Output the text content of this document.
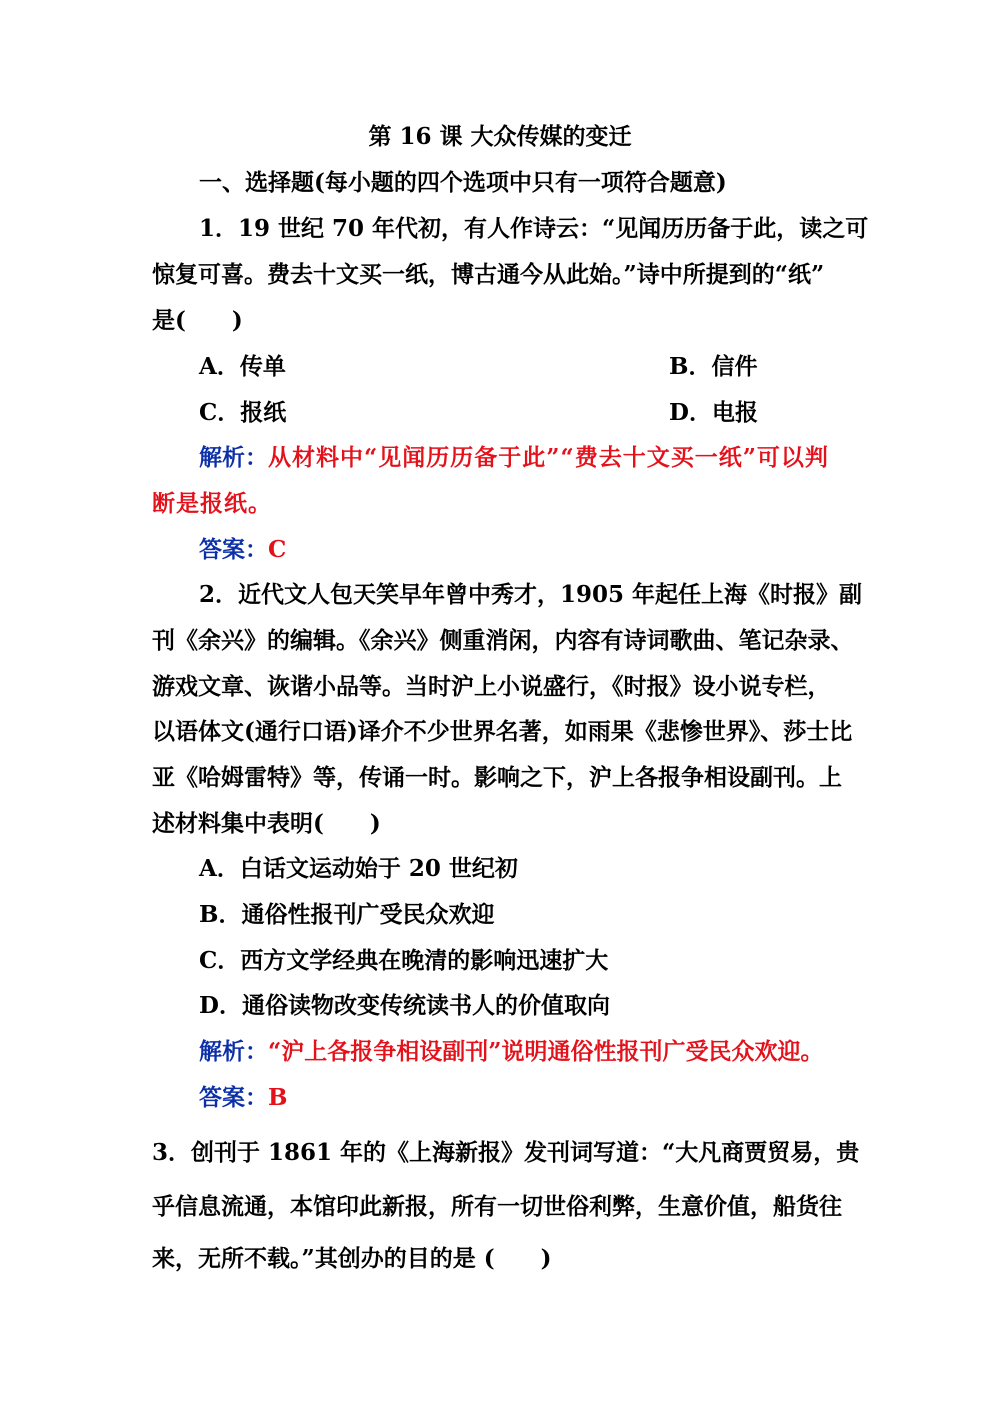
第 16 课 大众传媒的变迁
一、选择题(每小题的四个选项中只有一项符合题意)
1．19 世纪 70 年代初，有人作诗云：“见闻历历备于此，读之可
惊复可喜。费去十文买一纸，博古通今从此始。”诗中所提到的“纸”
是(　　)
A．传单	B．信件
C．报纸	D．电报
解析：从材料中“见闻历历备于此”“费去十文买一纸”可以判
断是报纸。
答案：C
2．近代文人包天笑早年曾中秀才，1905 年起任上海《时报》副
刊《余兴》的编辑。《余兴》侧重消闲，内容有诗词歌曲、笔记杂录、
游戏文章、诙谐小品等。当时沪上小说盛行，《时报》设小说专栏，
以语体文(通行口语)译介不少世界名著，如雨果《悲惨世界》、莎士比
亚《哈姆雷特》等，传诵一时。影响之下，沪上各报争相设副刊。上
述材料集中表明(　　)
A．白话文运动始于 20 世纪初
B．通俗性报刊广受民众欢迎
C．西方文学经典在晚清的影响迅速扩大
D．通俗读物改变传统读书人的价值取向
解析：“沪上各报争相设副刊”说明通俗性报刊广受民众欢迎。
答案：B
3．创刊于 1861 年的《上海新报》发刊词写道：“大凡商贾贸易，贵
乎信息流通，本馆印此新报，所有一切世俗利弊，生意价值，船货往
来，无所不载。”其创办的目的是 (　　)
